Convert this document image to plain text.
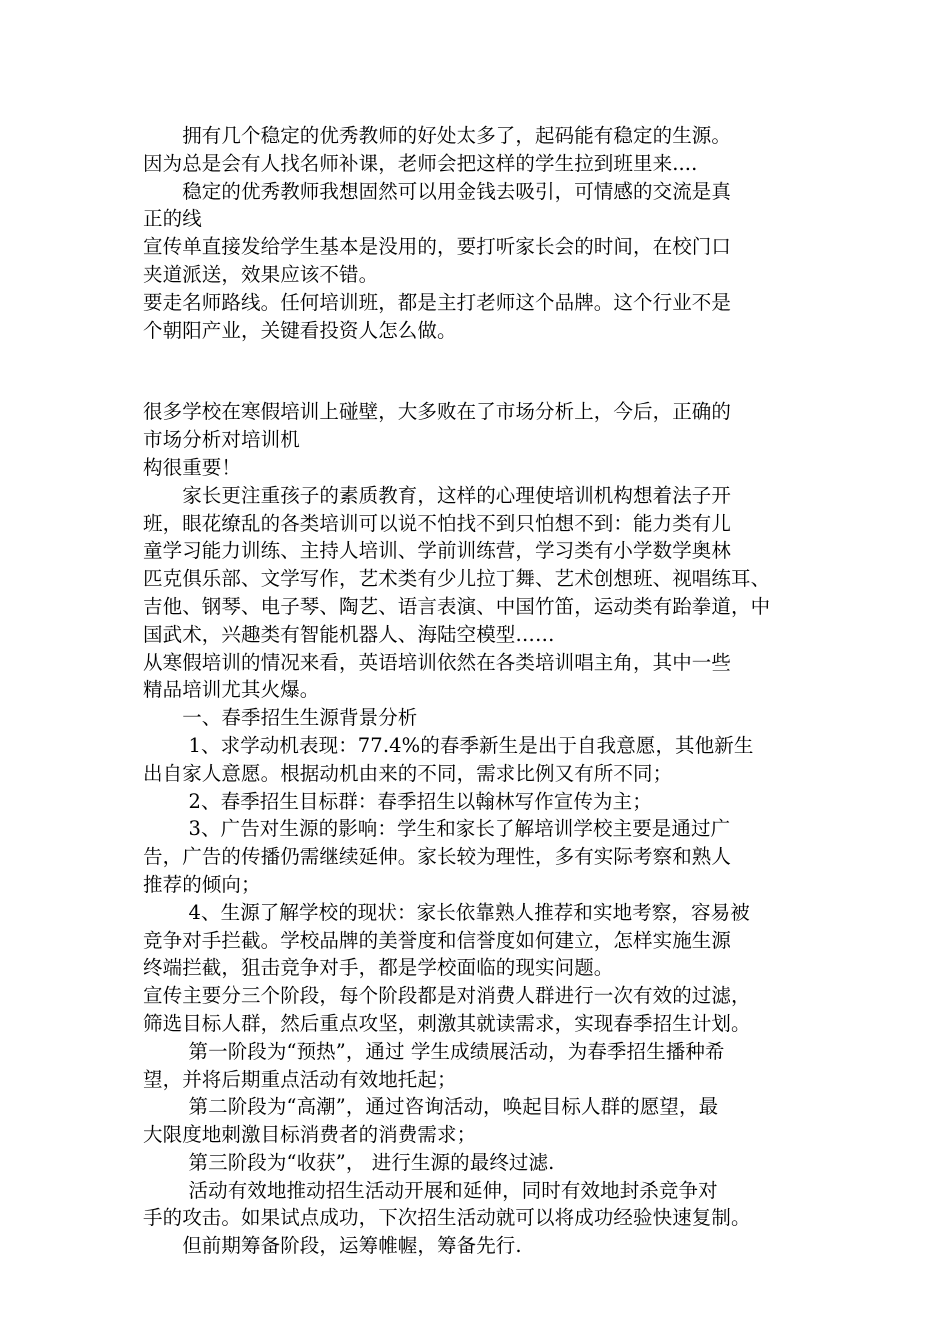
　　拥有几个稳定的优秀教师的好处太多了，起码能有稳定的生源。
因为总是会有人找名师补课，老师会把这样的学生拉到班里来....
　　稳定的优秀教师我想固然可以用金钱去吸引，可情感的交流是真
正的线
宣传单直接发给学生基本是没用的，要打听家长会的时间，在校门口
夹道派送，效果应该不错。
要走名师路线。任何培训班，都是主打老师这个品牌。这个行业不是
个朝阳产业，关键看投资人怎么做。
很多学校在寒假培训上碰壁，大多败在了市场分析上，今后，正确的
市场分析对培训机
构很重要！
　　家长更注重孩子的素质教育，这样的心理使培训机构想着法子开
班，眼花缭乱的各类培训可以说不怕找不到只怕想不到：能力类有儿
童学习能力训练、主持人培训、学前训练营，学习类有小学数学奥林
匹克俱乐部、文学写作，艺术类有少儿拉丁舞、艺术创想班、视唱练耳、
吉他、钢琴、电子琴、陶艺、语言表演、中国竹笛，运动类有跆拳道，中
国武术，兴趣类有智能机器人、海陆空模型……
从寒假培训的情况来看，英语培训依然在各类培训唱主角，其中一些
精品培训尤其火爆。
　　一、春季招生生源背景分析
　　 1、求学动机表现：77.4%的春季新生是出于自我意愿，其他新生
出自家人意愿。根据动机由来的不同，需求比例又有所不同；
　　 2、春季招生目标群：春季招生以翰林写作宣传为主；
　　 3、广告对生源的影响：学生和家长了解培训学校主要是通过广
告，广告的传播仍需继续延伸。家长较为理性，多有实际考察和熟人
推荐的倾向；
　　 4、生源了解学校的现状：家长依靠熟人推荐和实地考察，容易被
竞争对手拦截。学校品牌的美誉度和信誉度如何建立，怎样实施生源
终端拦截，狙击竞争对手，都是学校面临的现实问题。
宣传主要分三个阶段，每个阶段都是对消费人群进行一次有效的过滤，
筛选目标人群，然后重点攻坚，刺激其就读需求，实现春季招生计划。
　　 第一阶段为“预热”，通过 学生成绩展活动，为春季招生播种希
望，并将后期重点活动有效地托起；
　　 第二阶段为“高潮”，通过咨询活动，唤起目标人群的愿望，最
大限度地刺激目标消费者的消费需求；
　　 第三阶段为“收获”， 进行生源的最终过滤.
　　 活动有效地推动招生活动开展和延伸，同时有效地封杀竞争对
手的攻击。如果试点成功，下次招生活动就可以将成功经验快速复制。
　　但前期筹备阶段，运筹帷幄，筹备先行.
